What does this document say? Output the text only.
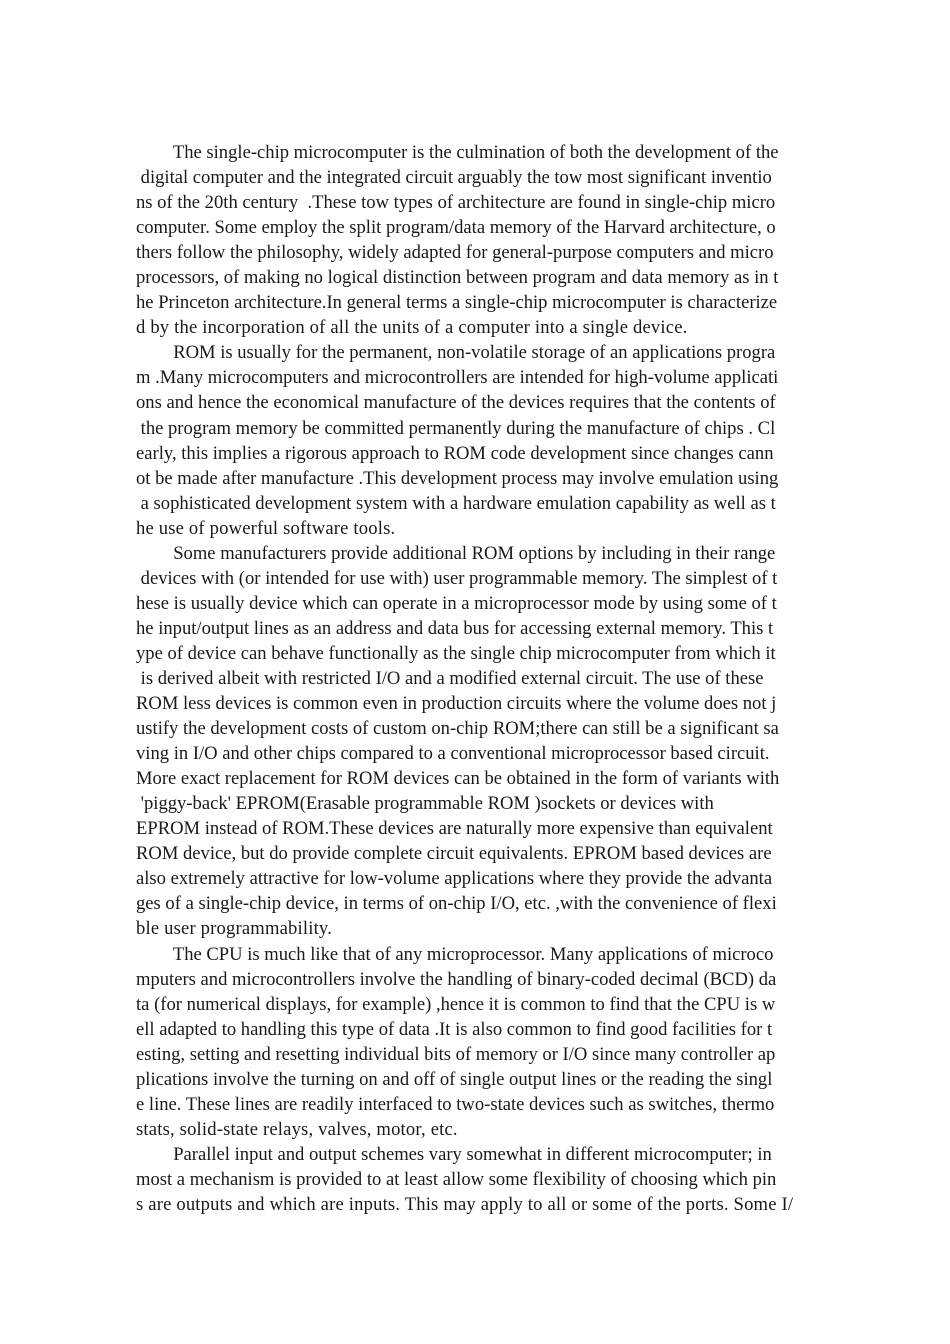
The single-chip microcomputer is the culmination of both the development of the
digital computer and the integrated circuit arguably the tow most significant inventio
ns of the 20th century  .These tow types of architecture are found in single-chip micro
computer. Some employ the split program/data memory of the Harvard architecture, o
thers follow the philosophy, widely adapted for general-purpose computers and micro
processors, of making no logical distinction between program and data memory as in t
he Princeton architecture.In general terms a single-chip microcomputer is characterize
d by the incorporation of all the units of a computer into a single device.
ROM is usually for the permanent, non-volatile storage of an applications progra
m .Many microcomputers and microcontrollers are intended for high-volume applicati
ons and hence the economical manufacture of the devices requires that the contents of
the program memory be committed permanently during the manufacture of chips . Cl
early, this implies a rigorous approach to ROM code development since changes cann
ot be made after manufacture .This development process may involve emulation using
a sophisticated development system with a hardware emulation capability as well as t
he use of powerful software tools.
Some manufacturers provide additional ROM options by including in their range
devices with (or intended for use with) user programmable memory. The simplest of t
hese is usually device which can operate in a microprocessor mode by using some of t
he input/output lines as an address and data bus for accessing external memory. This t
ype of device can behave functionally as the single chip microcomputer from which it
is derived albeit with restricted I/O and a modified external circuit. The use of these
ROM less devices is common even in production circuits where the volume does not j
ustify the development costs of custom on-chip ROM;there can still be a significant sa
ving in I/O and other chips compared to a conventional microprocessor based circuit.
More exact replacement for ROM devices can be obtained in the form of variants with
'piggy-back' EPROM(Erasable programmable ROM )sockets or devices with
EPROM instead of ROM.These devices are naturally more expensive than equivalent
ROM device, but do provide complete circuit equivalents. EPROM based devices are
also extremely attractive for low-volume applications where they provide the advanta
ges of a single-chip device, in terms of on-chip I/O, etc. ,with the convenience of flexi
ble user programmability.
The CPU is much like that of any microprocessor. Many applications of microco
mputers and microcontrollers involve the handling of binary-coded decimal (BCD) da
ta (for numerical displays, for example) ,hence it is common to find that the CPU is w
ell adapted to handling this type of data .It is also common to find good facilities for t
esting, setting and resetting individual bits of memory or I/O since many controller ap
plications involve the turning on and off of single output lines or the reading the singl
e line. These lines are readily interfaced to two-state devices such as switches, thermo
stats, solid-state relays, valves, motor, etc.
Parallel input and output schemes vary somewhat in different microcomputer; in
most a mechanism is provided to at least allow some flexibility of choosing which pin
s are outputs and which are inputs. This may apply to all or some of the ports. Some I/
